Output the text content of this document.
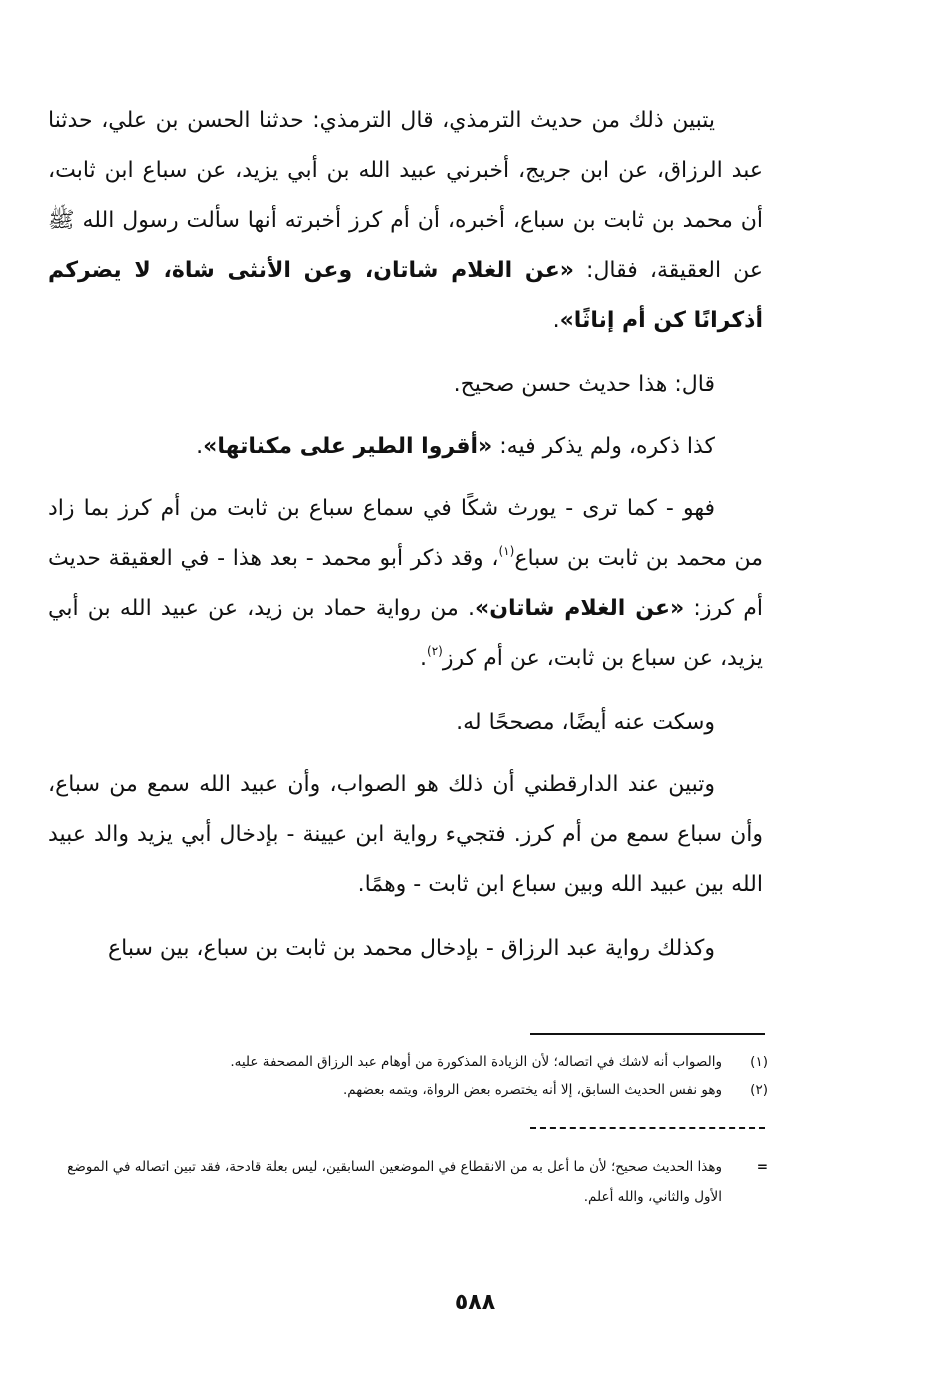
يتبين ذلك من حديث الترمذي، قال الترمذي: حدثنا الحسن بن علي، حدثنا عبد الرزاق، عن ابن جريج، أخبرني عبيد الله بن أبي يزيد، عن سباع ابن ثابت، أن محمد بن ثابت بن سباع، أخبره، أن أم كرز أخبرته أنها سألت رسول الله ﷺ عن العقيقة، فقال: «عن الغلام شاتان، وعن الأنثى شاة، لا يضركم أذكرانًا كن أم إناثًا».

قال: هذا حديث حسن صحيح.

كذا ذكره، ولم يذكر فيه: «أقروا الطير على مكناتها».

فهو - كما ترى - يورث شكًا في سماع سباع بن ثابت من أم كرز بما زاد من محمد بن ثابت بن سباع$^{(١)}$، وقد ذكر أبو محمد - بعد هذا - في العقيقة حديث أم كرز: «عن الغلام شاتان». من رواية حماد بن زيد، عن عبيد الله بن أبي يزيد، عن سباع بن ثابت، عن أم كرز$^{(٢)}$.

وسكت عنه أيضًا، مصححًا له.

وتبين عند الدارقطني أن ذلك هو الصواب، وأن عبيد الله سمع من سباع، وأن سباع سمع من أم كرز. فتجيء رواية ابن عيينة - بإدخال أبي يزيد والد عبيد الله بين عبيد الله وبين سباع ابن ثابت - وهمًا.

وكذلك رواية عبد الرزاق - بإدخال محمد بن ثابت بن سباع، بين سباع

(١)
والصواب أنه لاشك في اتصاله؛ لأن الزيادة المذكورة من أوهام عبد الرزاق المصحفة عليه.
(٢)
وهو نفس الحديث السابق، إلا أنه يختصره بعض الرواة، ويتمه بعضهم.
=
وهذا الحديث صحيح؛ لأن ما أعل به من الانقطاع في الموضعين السابقين، ليس بعلة قادحة، فقد تبين اتصاله في الموضع الأول والثاني، والله أعلم.
٥٨٨
